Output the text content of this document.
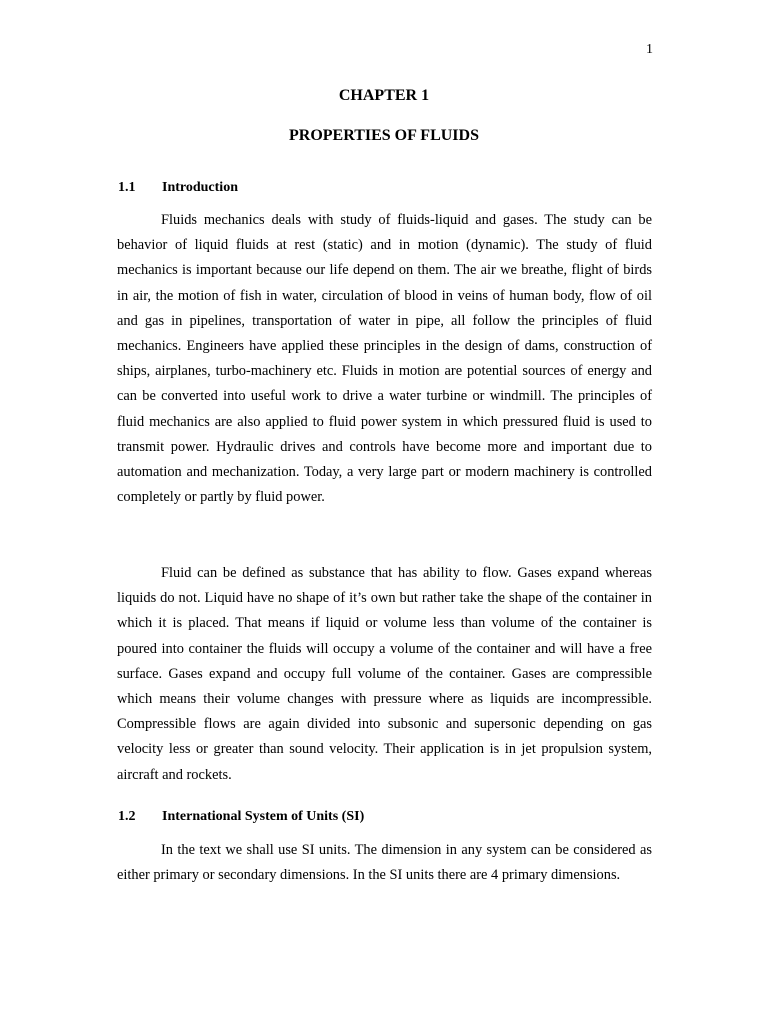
1
CHAPTER 1
PROPERTIES OF FLUIDS
1.1 Introduction

Fluids mechanics deals with study of fluids-liquid and gases. The study can be behavior of liquid fluids at rest (static) and in motion (dynamic). The study of fluid mechanics is important because our life depend on them. The air we breathe, flight of birds in air, the motion of fish in water, circulation of blood in veins of human body, flow of oil and gas in pipelines, transportation of water in pipe, all follow the principles of fluid mechanics. Engineers have applied these principles in the design of dams, construction of ships, airplanes, turbo-machinery etc. Fluids in motion are potential sources of energy and can be converted into useful work to drive a water turbine or windmill. The principles of fluid mechanics are also applied to fluid power system in which pressured fluid is used to transmit power. Hydraulic drives and controls have become more and important due to automation and mechanization. Today, a very large part or modern machinery is controlled completely or partly by fluid power.

Fluid can be defined as substance that has ability to flow. Gases expand whereas liquids do not. Liquid have no shape of it’s own but rather take the shape of the container in which it is placed. That means if liquid or volume less than volume of the container is poured into container the fluids will occupy a volume of the container and will have a free surface. Gases expand and occupy full volume of the container. Gases are compressible which means their volume changes with pressure where as liquids are incompressible. Compressible flows are again divided into subsonic and supersonic depending on gas velocity less or greater than sound velocity. Their application is in jet propulsion system, aircraft and rockets.

1.2 International System of Units (SI)

In the text we shall use SI units. The dimension in any system can be considered as either primary or secondary dimensions. In the SI units there are 4 primary dimensions.
